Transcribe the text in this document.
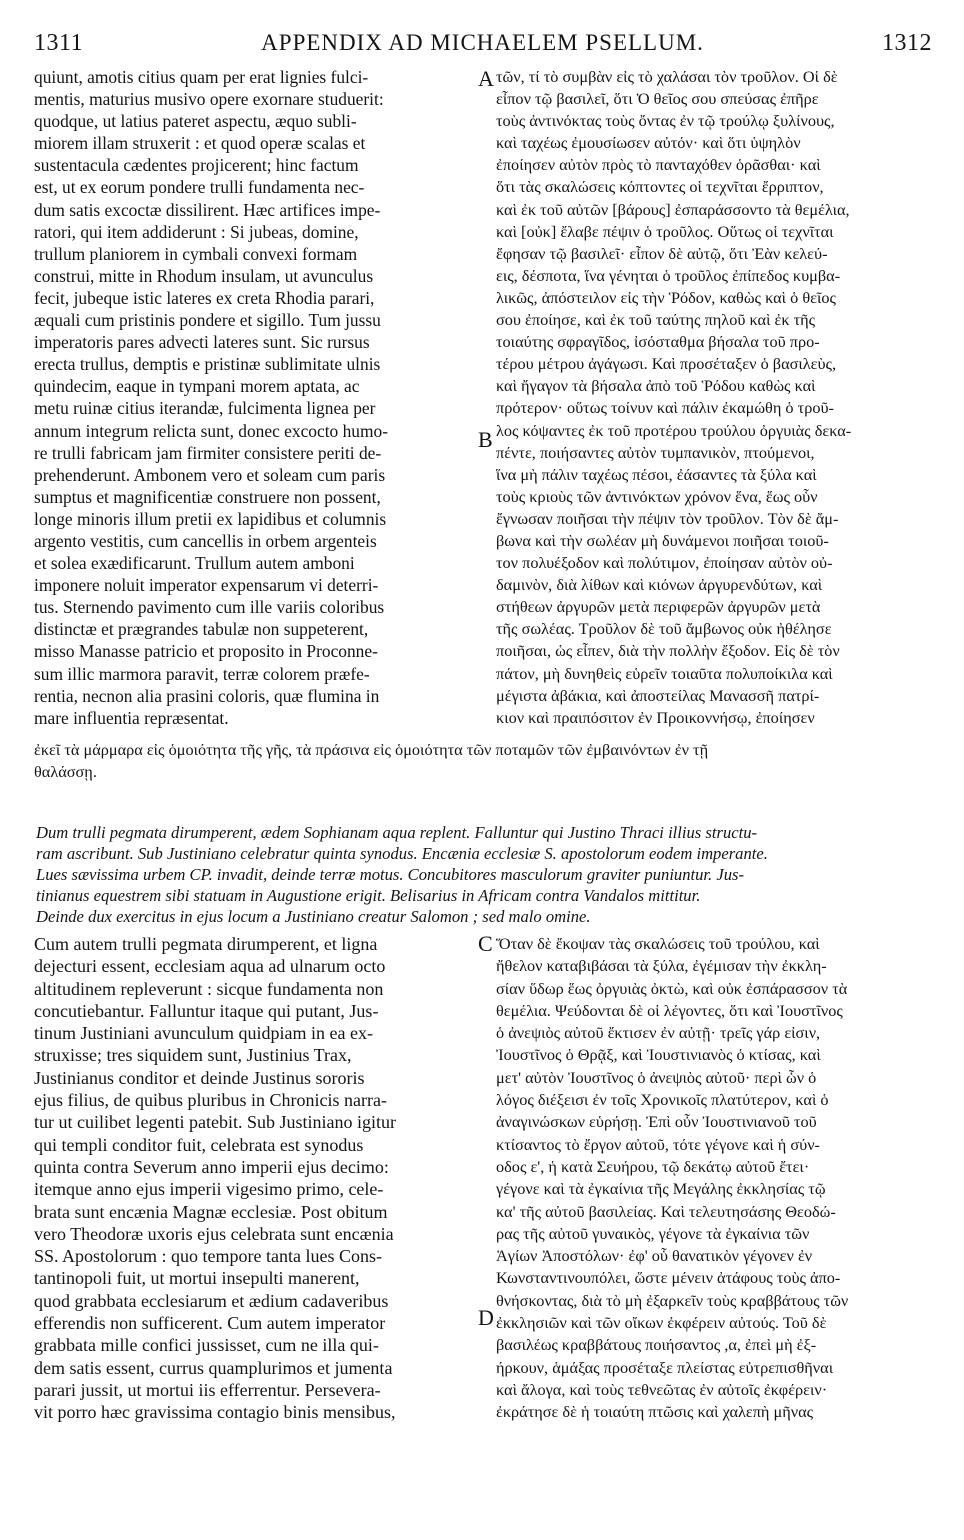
1311	APPENDIX AD MICHAELEM PSELLUM.	1312
quiunt, amotis citius quam per erat lignies fulci-
mentis, maturius musivo opere exornare studuerit:
quodque, ut latius pateret aspectu, æquo subli-
miorem illam struxerit : et quod operæ scalas et
sustentacula cædentes projicerent; hinc factum
est, ut ex eorum pondere trulli fundamenta nec-
dum satis excoctæ dissilirent. Hæc artifices impe-
ratori, qui item addiderunt : Si jubeas, domine,
trullum planiorem in cymbali convexi formam
construi, mitte in Rhodum insulam, ut avunculus
fecit, jubeque istic lateres ex creta Rhodia parari,
æquali cum pristinis pondere et sigillo. Tum jussu
imperatoris pares advecti lateres sunt. Sic rursus
erecta trullus, demptis e pristinæ sublimitate ulnis
quindecim, eaque in tympani morem aptata, ac
metu ruinæ citius iterandæ, fulcimenta lignea per
annum integrum relicta sunt, donec excocto humo-
re trulli fabricam jam firmiter consistere periti de-
prehenderunt. Ambonem vero et soleam cum paris
sumptus et magnificentiæ construere non possent,
longe minoris illum pretii ex lapidibus et columnis
argento vestitis, cum cancellis in orbem argenteis
et solea exædificarunt. Trullum autem amboni
imponere noluit imperator expensarum vi deterri-
tus. Sternendo pavimento cum ille variis coloribus
distinctæ et prægrandes tabulæ non suppeterent,
misso Manasse patricio et proposito in Proconne-
sum illic marmora paravit, terræ colorem præfe-
rentia, necnon alia prasini coloris, quæ flumina in
mare influentia repræsentat.
τῶν, τί τὸ συμβὰν εἰς τὸ χαλάσαι τὸν τροῦλον. Οἱ δὲ
εἶπον τῷ βασιλεῖ, ὅτι Ὁ θεῖος σου σπεύσας ἐπῆρε
τοὺς ἀντινόκτας τοὺς ὄντας ἐν τῷ τρούλῳ ξυλίνους,
καὶ ταχέως ἐμουσίωσεν αὐτόν· καὶ ὅτι ὑψηλὸν
ἐποίησεν αὐτὸν πρὸς τὸ πανταχόθεν ὁρᾶσθαι· καὶ
ὅτι τὰς σκαλώσεις κόπτοντες οἱ τεχνῖται ἔρριπτον,
καὶ ἐκ τοῦ αὐτῶν [βάρους] ἐσπαράσσοντο τὰ θεμέλια,
καὶ [οὐκ] ἔλαβε πέψιν ὁ τροῦλος. Οὕτως οἱ τεχνῖται
ἔφησαν τῷ βασιλεῖ· εἶπον δὲ αὐτῷ, ὅτι Ἐὰν κελεύ-
εις, δέσποτα, ἵνα γένηται ὁ τροῦλος ἐπίπεδος κυμβα-
λικῶς, ἀπόστειλον εἰς τὴν Ῥόδον, καθὼς καὶ ὁ θεῖος
σου ἐποίησε, καὶ ἐκ τοῦ ταύτης πηλοῦ καὶ ἐκ τῆς
τοιαύτης σφραγῖδος, ἰσόσταθμα βήσαλα τοῦ προ-
τέρου μέτρου ἀγάγωσι. Καὶ προσέταξεν ὁ βασιλεὺς,
καὶ ἤγαγον τὰ βήσαλα ἀπὸ τοῦ Ῥόδου καθὼς καὶ
πρότερον· οὕτως τοίνυν καὶ πάλιν ἐκαμώθη ὁ τροῦ-
λος κόψαντες ἐκ τοῦ προτέρου τρούλου ὀργυιὰς δεκα-
πέντε, ποιήσαντες αὐτὸν τυμπανικὸν, πτούμενοι,
ἵνα μὴ πάλιν ταχέως πέσοι, ἐάσαντες τὰ ξύλα καὶ
τοὺς κριοὺς τῶν ἀντινόκτων χρόνον ἕνα, ἕως οὗν
ἔγνωσαν ποιῆσαι τὴν πέψιν τὸν τροῦλον. Τὸν δὲ ἄμ-
βωνα καὶ τὴν σωλέαν μὴ δυνάμενοι ποιῆσαι τοιοῦ-
τον πολυέξοδον καὶ πολύτιμον, ἐποίησαν αὐτὸν οὐ-
δαμινὸν, διὰ λίθων καὶ κιόνων ἀργυρενδύτων, καὶ
στήθεων ἀργυρῶν μετὰ περιφερῶν ἀργυρῶν μετὰ
τῆς σωλέας. Τροῦλον δὲ τοῦ ἄμβωνος οὐκ ἠθέλησε
ποιῆσαι, ὡς εἶπεν, διὰ τὴν πολλὴν ἔξοδον. Εἰς δὲ τὸν
πάτον, μὴ δυνηθεὶς εὑρεῖν τοιαῦτα πολυποίκιλα καὶ
μέγιστα ἀβάκια, καὶ ἀποστείλας Μανασσῆ πατρί-
κιον καὶ πραιπόσιτον ἐν Προικοννήσῳ, ἐποίησεν
A
B
ἐκεῖ τὰ μάρμαρα εἰς ὁμοιότητα τῆς γῆς, τὰ πράσινα εἰς ὁμοιότητα τῶν ποταμῶν τῶν ἐμβαινόντων ἐν τῇ
θαλάσσῃ.
Dum trulli pegmata dirumperent, ædem Sophianam aqua replent. Falluntur qui Justino Thraci illius structu-
ram ascribunt. Sub Justiniano celebratur quinta synodus. Encænia ecclesiæ S. apostolorum eodem imperante.
Lues sævissima urbem CP. invadit, deinde terræ motus. Concubitores masculorum graviter puniuntur. Jus-
tinianus equestrem sibi statuam in Augustione erigit. Belisarius in Africam contra Vandalos mittitur.
Deinde dux exercitus in ejus locum a Justiniano creatur Salomon ; sed malo omine.
Cum autem trulli pegmata dirumperent, et ligna
dejecturi essent, ecclesiam aqua ad ulnarum octo
altitudinem repleverunt : sicque fundamenta non
concutiebantur. Falluntur itaque qui putant, Jus-
tinum Justiniani avunculum quidpiam in ea ex-
struxisse; tres siquidem sunt, Justinius Trax,
Justinianus conditor et deinde Justinus sororis
ejus filius, de quibus pluribus in Chronicis narra-
tur ut cuilibet legenti patebit. Sub Justiniano igitur
qui templi conditor fuit, celebrata est synodus
quinta contra Severum anno imperii ejus decimo:
itemque anno ejus imperii vigesimo primo, cele-
brata sunt encænia Magnæ ecclesiæ. Post obitum
vero Theodoræ uxoris ejus celebrata sunt encænia
SS. Apostolorum : quo tempore tanta lues Cons-
tantinopoli fuit, ut mortui insepulti manerent,
quod grabbata ecclesiarum et ædium cadaveribus
efferendis non sufficerent. Cum autem imperator
grabbata mille confici jussisset, cum ne illa qui-
dem satis essent, currus quamplurimos et jumenta
parari jussit, ut mortui iis efferrentur. Persevera-
vit porro hæc gravissima contagio binis mensibus,
Ὅταν δὲ ἔκοψαν τὰς σκαλώσεις τοῦ τρούλου, καὶ
ἤθελον καταβιβάσαι τὰ ξύλα, ἐγέμισαν τὴν ἐκκλη-
σίαν ὕδωρ ἕως ὀργυιὰς ὀκτὼ, καὶ οὐκ ἐσπάρασσον τὰ
θεμέλια. Ψεύδονται δὲ οἱ λέγοντες, ὅτι καὶ Ἰουστῖνος
ὁ ἀνεψιὸς αὐτοῦ ἔκτισεν ἐν αὐτῇ· τρεῖς γάρ εἰσιν,
Ἰουστῖνος ὁ Θρᾷξ, καὶ Ἰουστινιανὸς ὁ κτίσας, καὶ
μετ' αὐτὸν Ἰουστῖνος ὁ ἀνεψιὸς αὐτοῦ· περὶ ὧν ὁ
λόγος διέξεισι ἐν τοῖς Χρονικοῖς πλατύτερον, καὶ ὁ
ἀναγινώσκων εὑρήσῃ. Ἐπὶ οὖν Ἰουστινιανοῦ τοῦ
κτίσαντος τὸ ἔργον αὐτοῦ, τότε γέγονε καὶ ἡ σύν-
οδος ε', ἡ κατὰ Σευήρου, τῷ δεκάτῳ αὐτοῦ ἔτει·
γέγονε καὶ τὰ ἐγκαίνια τῆς Μεγάλης ἐκκλησίας τῷ
κα' τῆς αὐτοῦ βασιλείας. Καὶ τελευτησάσης Θεοδώ-
ρας τῆς αὐτοῦ γυναικὸς, γέγονε τὰ ἐγκαίνια τῶν
Ἁγίων Ἀποστόλων· ἐφ' οὗ θανατικὸν γέγονεν ἐν
Κωνσταντινουπόλει, ὥστε μένειν ἀτάφους τοὺς ἀπο-
θνήσκοντας, διὰ τὸ μὴ ἐξαρκεῖν τοὺς κραββάτους τῶν
ἐκκλησιῶν καὶ τῶν οἴκων ἐκφέρειν αὐτούς. Τοῦ δὲ
βασιλέως κραββάτους ποιήσαντος ,α, ἐπεὶ μὴ ἐξ-
ήρκουν, ἁμάξας προσέταξε πλείστας εὐτρεπισθῆναι
καὶ ἄλογα, καὶ τοὺς τεθνεῶτας ἐν αὐτοῖς ἐκφέρειν·
ἐκράτησε δὲ ἡ τοιαύτη πτῶσις καὶ χαλεπὴ μῆνας
C
D
